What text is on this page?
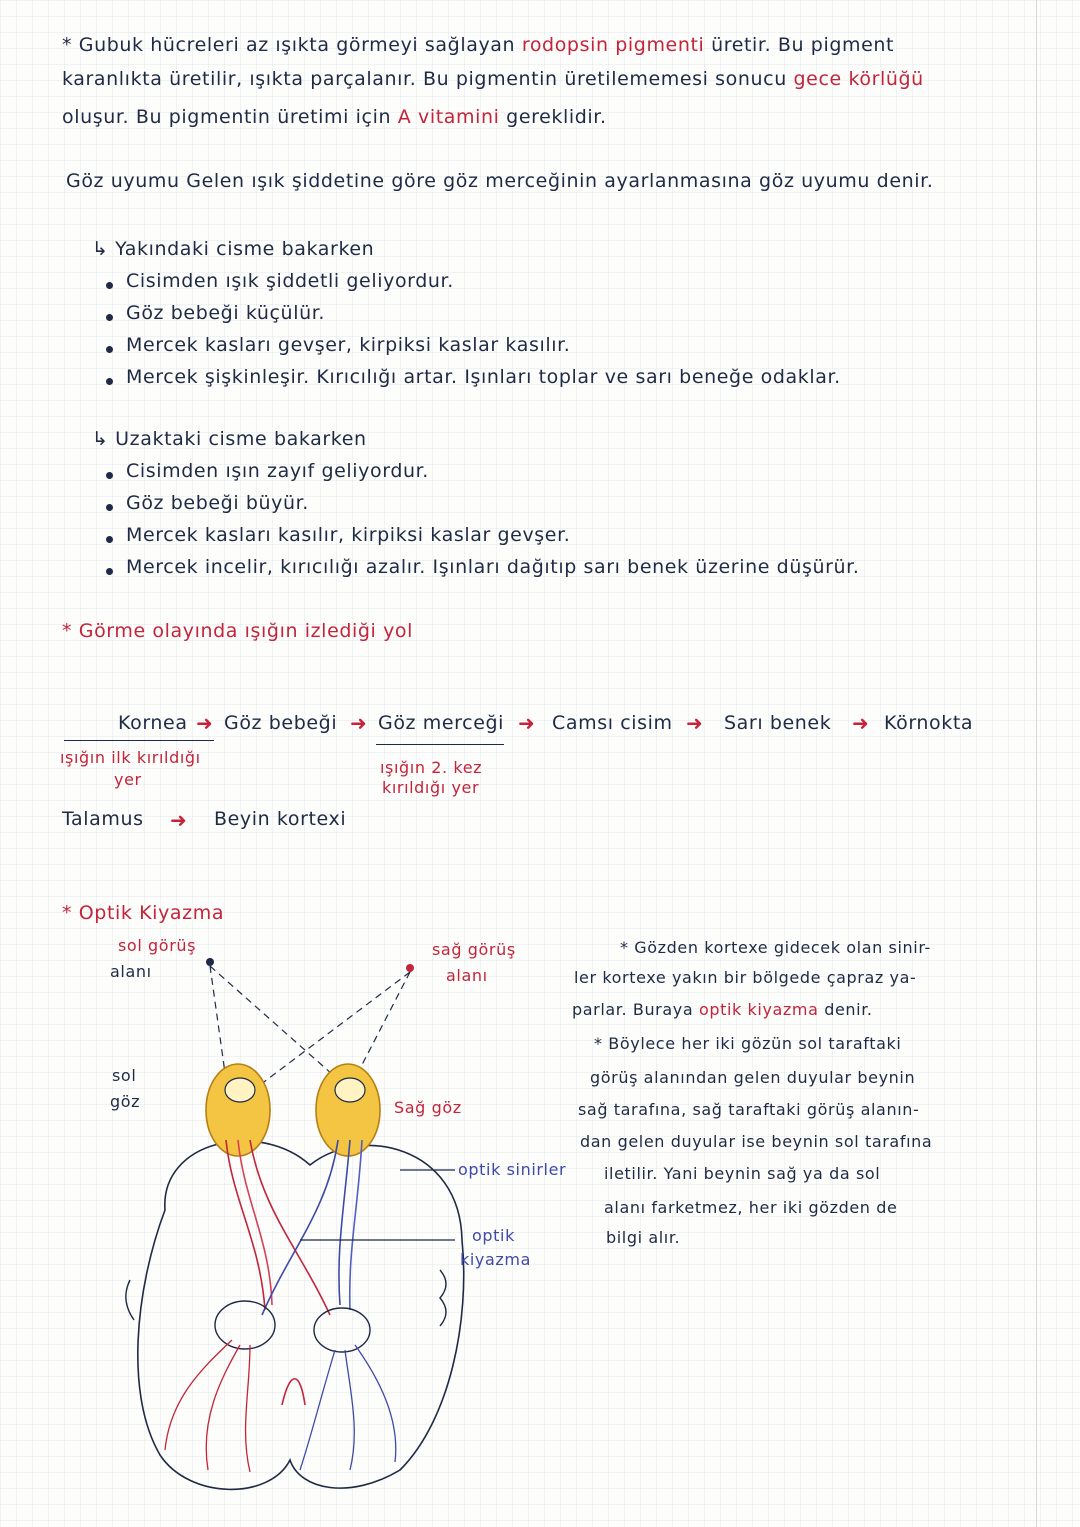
* Gubuk hücreleri az ışıkta görmeyi sağlayan rodopsin pigmenti üretir. Bu pigment
karanlıkta üretilir, ışıkta parçalanır. Bu pigmentin üretilememesi sonucu gece körlüğü
oluşur. Bu pigmentin üretimi için A vitamini gereklidir.
Göz uyumu Gelen ışık şiddetine göre göz merceğinin ayarlanmasına göz uyumu denir.
↳ Yakındaki cisme bakarken
Cisimden ışık şiddetli geliyordur.
Göz bebeği küçülür.
Mercek kasları gevşer, kirpiksi kaslar kasılır.
Mercek şişkinleşir. Kırıcılığı artar. Işınları toplar ve sarı beneğe odaklar.
↳ Uzaktaki cisme bakarken
Cisimden ışın zayıf geliyordur.
Göz bebeği büyür.
Mercek kasları kasılır, kirpiksi kaslar gevşer.
Mercek incelir, kırıcılığı azalır. Işınları dağıtıp sarı benek üzerine düşürür.
* Görme olayında ışığın izlediği yol
Kornea ➜ Göz bebeği ➜ Göz merceği ➜ Camsı cisim ➜ Sarı benek ➜ Körnokta
ışığın ilk kırıldığı
yer
ışığın 2. kez
kırıldığı yer
Talamus ➜ Beyin kortexi
* Optik Kiyazma
sol görüş
alanı
sağ görüş
alanı
sol
göz	Sağ göz
optik sinirler
optik
kiyazma
* Gözden kortexe gidecek olan sinir-
ler kortexe yakın bir bölgede çapraz ya-
parlar. Buraya optik kiyazma denir.
* Böylece her iki gözün sol taraftaki
görüş alanından gelen duyular beynin
sağ tarafına, sağ taraftaki görüş alanın-
dan gelen duyular ise beynin sol tarafına
iletilir. Yani beynin sağ ya da sol
alanı farketmez, her iki gözden de
bilgi alır.
